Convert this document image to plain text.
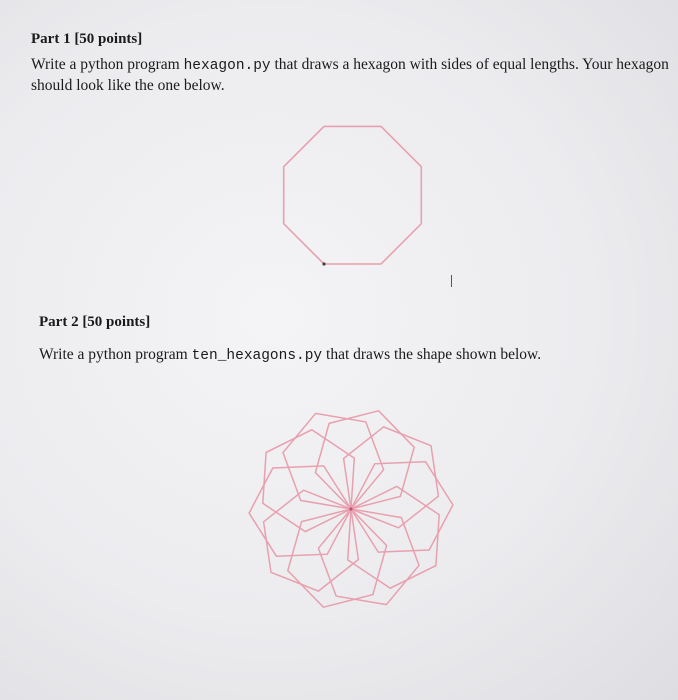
Part 1 [50 points]
Write a python program hexagon.py that draws a hexagon with sides of equal lengths. Your hexagon should look like the one below.
Part 2 [50 points]
Write a python program ten_hexagons.py that draws the shape shown below.
